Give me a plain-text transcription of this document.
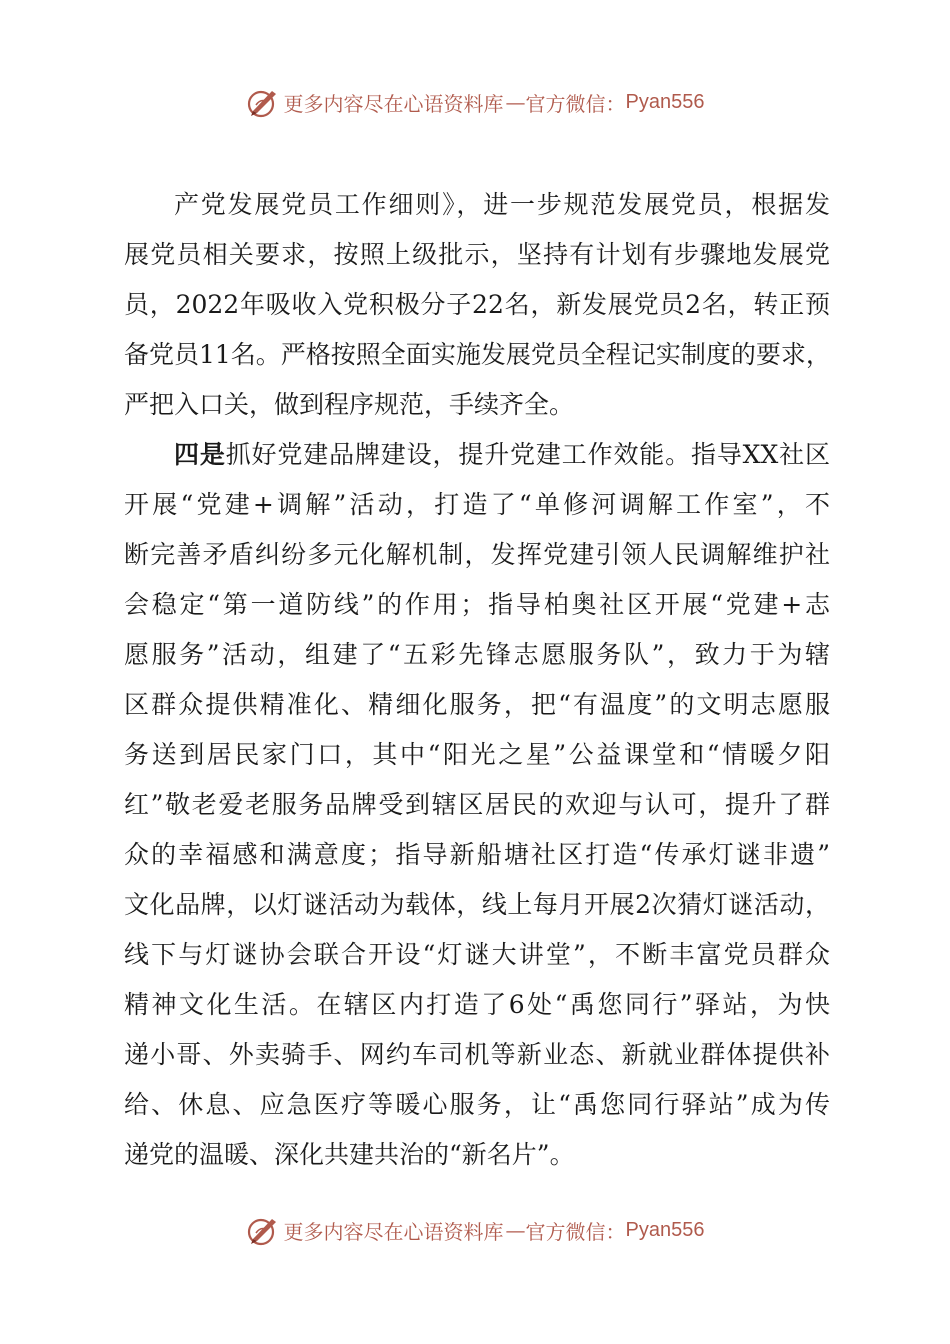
更多内容尽在心语资料库 — 官方微信： Pyan556
产党发展党员工作细则》，进一步规范发展党员，根据发
展党员相关要求，按照上级批示，坚持有计划有步骤地发展党
员，2022年吸收入党积极分子22名，新发展党员2名，转正预
备党员11名。严格按照全面实施发展党员全程记实制度的要求，
严把入口关，做到程序规范，手续齐全。
四是抓好党建品牌建设，提升党建工作效能。指导XX社区
开展“党建+调解”活动，打造了“单修河调解工作室”，不
断完善矛盾纠纷多元化解机制，发挥党建引领人民调解维护社
会稳定“第一道防线”的作用；指导柏奥社区开展“党建+志
愿服务”活动，组建了“五彩先锋志愿服务队”，致力于为辖
区群众提供精准化、精细化服务，把“有温度”的文明志愿服
务送到居民家门口，其中“阳光之星”公益课堂和“情暖夕阳
红”敬老爱老服务品牌受到辖区居民的欢迎与认可，提升了群
众的幸福感和满意度；指导新船塘社区打造“传承灯谜非遗”
文化品牌，以灯谜活动为载体，线上每月开展2次猜灯谜活动，
线下与灯谜协会联合开设“灯谜大讲堂”，不断丰富党员群众
精神文化生活。在辖区内打造了6处“禹您同行”驿站，为快
递小哥、外卖骑手、网约车司机等新业态、新就业群体提供补
给、休息、应急医疗等暖心服务，让“禹您同行驿站”成为传
递党的温暖、深化共建共治的“新名片”。
更多内容尽在心语资料库 — 官方微信： Pyan556
